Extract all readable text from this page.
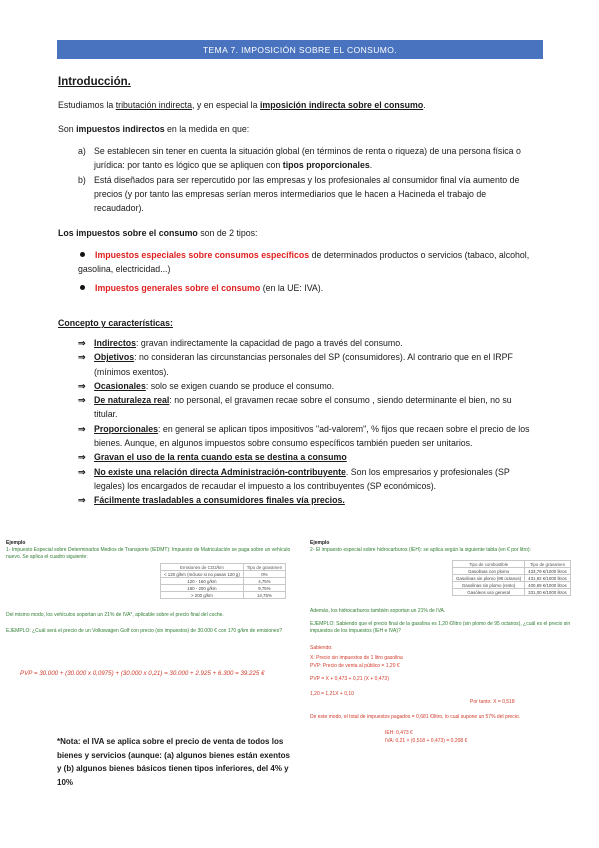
TEMA 7. IMPOSICIÓN SOBRE EL CONSUMO.
Introducción.
Estudiamos la tributación indirecta, y en especial la imposición indirecta sobre el consumo.
Son impuestos indirectos en la medida en que:
a) Se establecen sin tener en cuenta la situación global (en términos de renta o riqueza) de una persona física o jurídica: por tanto es lógico que se apliquen con tipos proporcionales.
b) Está diseñados para ser repercutido por las empresas y los profesionales al consumidor final vía aumento de precios (y por tanto las empresas serían meros intermediarios que le hacen a Hacineda el trabajo de recaudador).
Los impuestos sobre el consumo son de 2 tipos:
Impuestos especiales sobre consumos específicos de determinados productos o servicios (tabaco, alcohol, gasolina, electricidad...)
Impuestos generales sobre el consumo (en la UE: IVA).
Concepto y características:
⇒ Indirectos: gravan indirectamente la capacidad de pago a través del consumo.
⇒ Objetivos: no consideran las circunstancias personales del SP (consumidores). Al contrario que en el IRPF (mínimos exentos).
⇒ Ocasionales: solo se exigen cuando se produce el consumo.
⇒ De naturaleza real: no personal, el gravamen recae sobre el consumo , siendo determinante el bien, no su titular.
⇒ Proporcionales: en general se aplican tipos impositivos "ad-valorem", % fijos que recaen sobre el precio de los bienes. Aunque, en algunos impuestos sobre consumo específicos también pueden ser unitarios.
⇒ Gravan el uso de la renta cuando esta se destina a consumo
⇒ No existe una relación directa Administración-contribuyente. Son los empresarios y profesionales (SP legales) los encargados de recaudar el impuesto a los contribuyentes (SP económicos).
⇒ Fácilmente trasladables a consumidores finales vía precios.
Ejemplo
1- Impuesto Especial sobre Determinados Medios de Transporte (IEDMT): Impuesto de Matriculación se paga sobre un vehículo nuevo. Se aplica el cuadro siguiente:
Emisiones de CO2/km	Tipo de gravamen
< 120 g/km (Incluso si no pasan 120 g)	0%
120 - 160 g/km	4,75%
160 - 200 g/km	9,75%
> 200 g/km	14,75%
Del mismo modo, los vehículos soportan un 21% de IVA*, aplicable sobre el precio final del coche.
EJEMPLO: ¿Cuál será el precio de un Volkswagen Golf con precio (sin impuestos) de 30.000 € con 170 g/km de emisiones?
PVP = 30.000 + (30.000 x 0,0975) + (30.000 x 0,21) = 30.000 + 2.925 + 6.300 = 39.225 €
*Nota: el IVA se aplica sobre el precio de venta de todos los bienes y servicios (aunque: (a) algunos bienes están exentos y (b) algunos bienes básicos tienen tipos inferiores, del 4% y 10%
Ejemplo
2- El impuesto especial sobre hidrocarburos (IEH): se aplica según la siguiente tabla (en € por litro):
Tipo de combustible	Tipo de gravamen
Gasolinas con plomo	433,79 €/1000 litros
Gasolinas sin plomo (98 octanos)	431,92 €/1000 litros
Gasolinas sin plomo (resto)	400,69 €/1000 litros
Gasóleos uso general	331,00 €/1000 litros
Además, los hidrocarburos también soportan un 21% de IVA.
EJEMPLO: Sabiendo que el precio final de la gasolina es 1,20 €/litro (sin plomo de 95 octanos), ¿cuál es el precio sin impuestos de los impuestos (IEH e IVA)?
Sabiendo:
X: Precio sin impuestos de 1 litro gasolina
PVP: Precio de venta al público = 1,20 €
PVP = X + 0,473 + 0,21 (X + 0,473)
1,20 = 1,21X + 0,10
Por tanto: X = 0,518
De este modo, el total de impuestos pagados = 0,681 €/litro, lo cual supone un 57% del precio.
IEH: 0,473 €
IVA: 0,21 × (0,518 + 0,473) = 0,208 €
